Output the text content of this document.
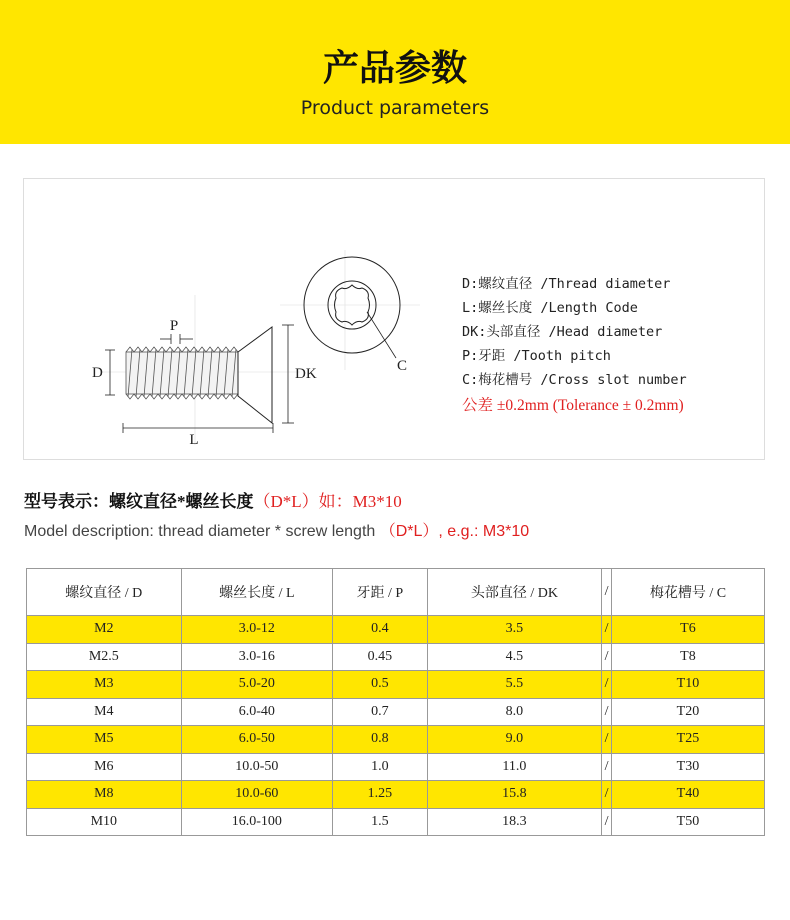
产品参数
Product parameters
P
D	DK
L
C
D:螺纹直径 /Thread diameter
L:螺丝长度 /Length Code
DK:头部直径 /Head diameter
P:牙距 /Tooth pitch
C:梅花槽号 /Cross slot number
公差 ±0.2mm (Tolerance ± 0.2mm)
型号表示：螺纹直径*螺丝长度（D*L）如：M3*10
Model description: thread diameter * screw length （D*L）, e.g.: M3*10
螺纹直径 / D	螺丝长度 / L	牙距 / P	头部直径 / DK	/	梅花槽号 / C
M2	3.0-12	0.4	3.5	/	T6
M2.5	3.0-16	0.45	4.5	/	T8
M3	5.0-20	0.5	5.5	/	T10
M4	6.0-40	0.7	8.0	/	T20
M5	6.0-50	0.8	9.0	/	T25
M6	10.0-50	1.0	11.0	/	T30
M8	10.0-60	1.25	15.8	/	T40
M10	16.0-100	1.5	18.3	/	T50
